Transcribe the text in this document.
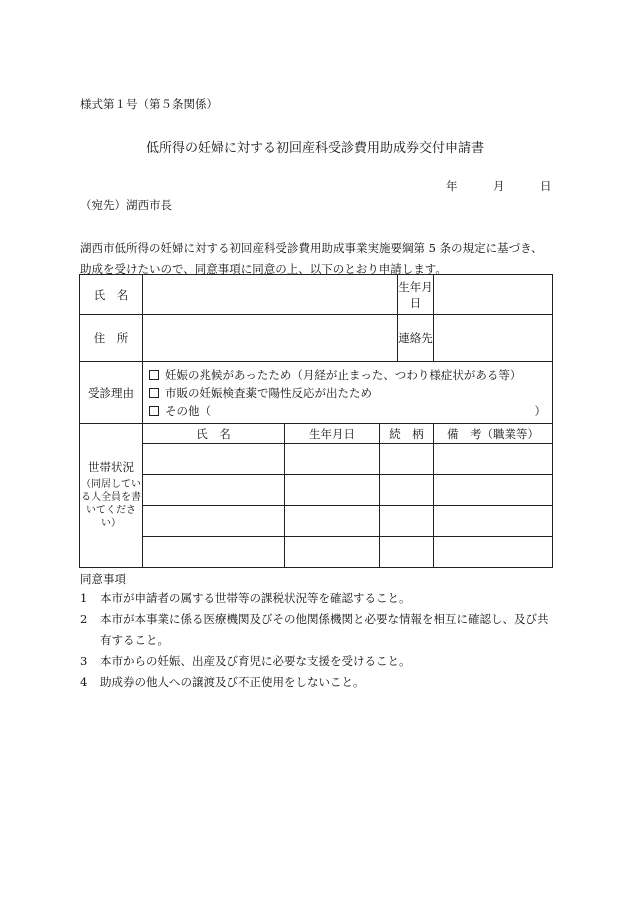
様式第１号（第５条関係）
低所得の妊婦に対する初回産科受診費用助成券交付申請書
年	月	日
（宛先）湖西市長
湖西市低所得の妊婦に対する初回産科受診費用助成事業実施要綱第 5 条の規定に基づき、
助成を受けたいので、同意事項に同意の上、以下のとおり申請します。
氏　名				生年月日	
住　所				連絡先	
受診理由	妊娠の兆候があったため（月経が止まった、つわり様症状がある等）
市販の妊娠検査薬で陽性反応が出たため
その他（ ）				

世帯状況
（同居している人全員を書いてください）	氏　名	生年月日	続　柄		備　考（職業等）

同意事項
1 本市が申請者の属する世帯等の課税状況等を確認すること。
2 本市が本事業に係る医療機関及びその他関係機関と必要な情報を相互に確認し、及び共有すること。
3 本市からの妊娠、出産及び育児に必要な支援を受けること。
4 助成券の他人への譲渡及び不正使用をしないこと。
